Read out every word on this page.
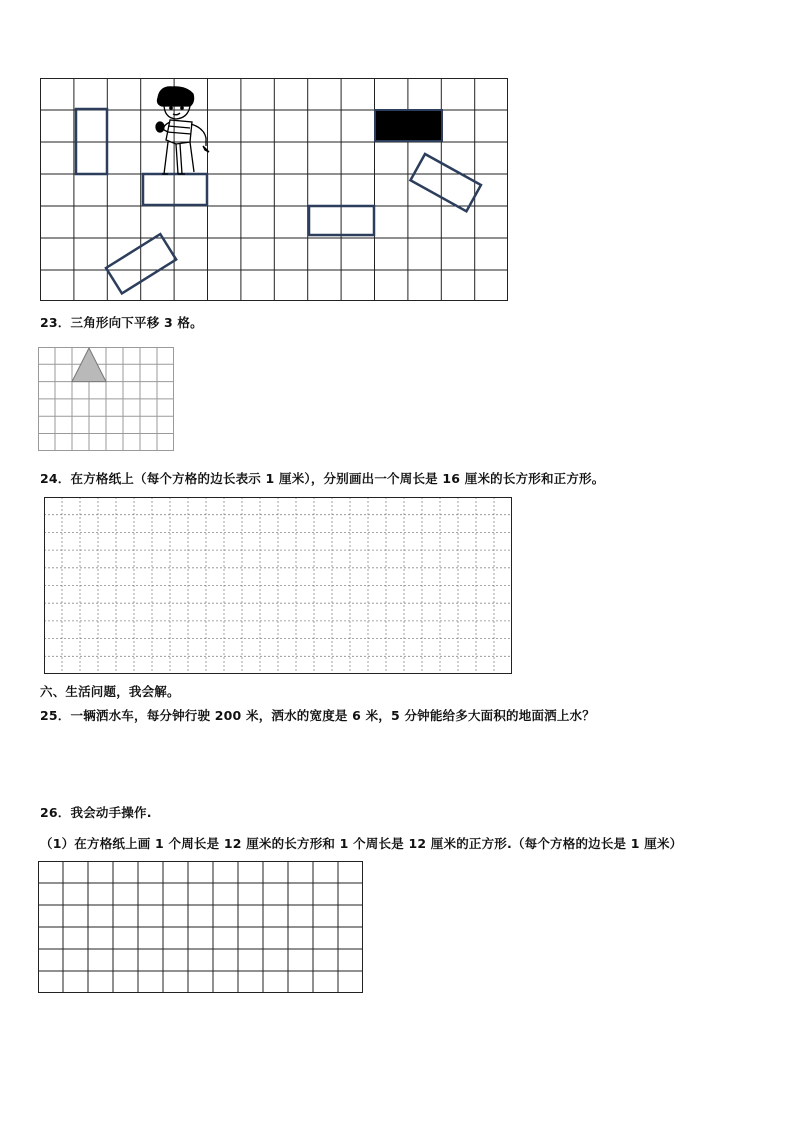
23．三角形向下平移 3 格。
24．在方格纸上（每个方格的边长表示 1 厘米），分别画出一个周长是 16 厘米的长方形和正方形。
六、生活问题，我会解。
25．一辆洒水车，每分钟行驶 200 米，洒水的宽度是 6 米，5 分钟能给多大面积的地面洒上水？
26．我会动手操作.
（1）在方格纸上画 1 个周长是 12 厘米的长方形和 1 个周长是 12 厘米的正方形.（每个方格的边长是 1 厘米）
